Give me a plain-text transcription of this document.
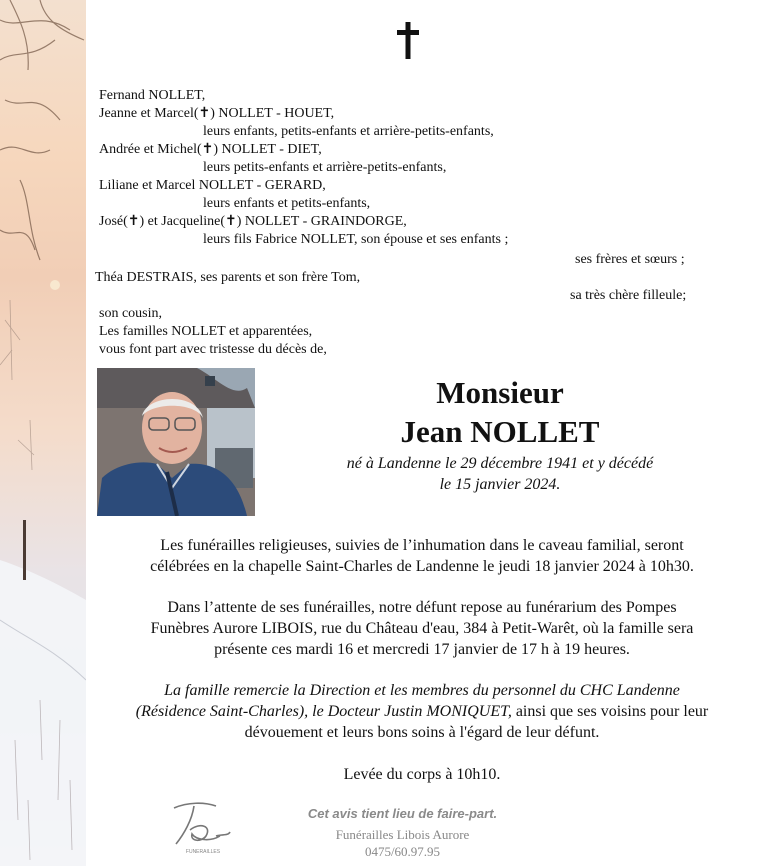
Fernand NOLLET,
Jeanne et Marcel(✝) NOLLET - HOUET,
leurs enfants, petits-enfants et arrière-petits-enfants,
Andrée et Michel(✝) NOLLET - DIET,
leurs petits-enfants et arrière-petits-enfants,
Liliane et Marcel NOLLET - GERARD,
leurs enfants et petits-enfants,
José(✝) et Jacqueline(✝) NOLLET - GRAINDORGE,
leurs fils Fabrice NOLLET, son épouse et ses enfants ;
ses frères et sœurs ;
Théa DESTRAIS, ses parents et son frère Tom,
sa très chère filleule;
son cousin,
Les familles NOLLET et apparentées,
vous font part avec tristesse du décès de,
Monsieur
Jean NOLLET
né à Landenne le 29 décembre 1941 et y décédé
le 15 janvier 2024.
Les funérailles religieuses, suivies de l’inhumation dans le caveau familial, seront
célébrées en la chapelle Saint-Charles de Landenne le jeudi 18 janvier 2024 à 10h30.
Dans l’attente de ses funérailles, notre défunt repose au funérarium des Pompes
Funèbres Aurore LIBOIS, rue du Château d'eau, 384 à Petit-Warêt, où la famille sera
présente ces mardi 16 et mercredi 17 janvier de 17 h à 19 heures.
La famille remercie la Direction et les membres du personnel du CHC Landenne
(Résidence Saint-Charles), le Docteur Justin MONIQUET, ainsi que ses voisins pour leur
dévouement et leurs bons soins à l'égard de leur défunt.
Levée du corps à 10h10.
FUNERAILLES
Cet avis tient lieu de faire-part.
Funérailles Libois Aurore
0475/60.97.95
